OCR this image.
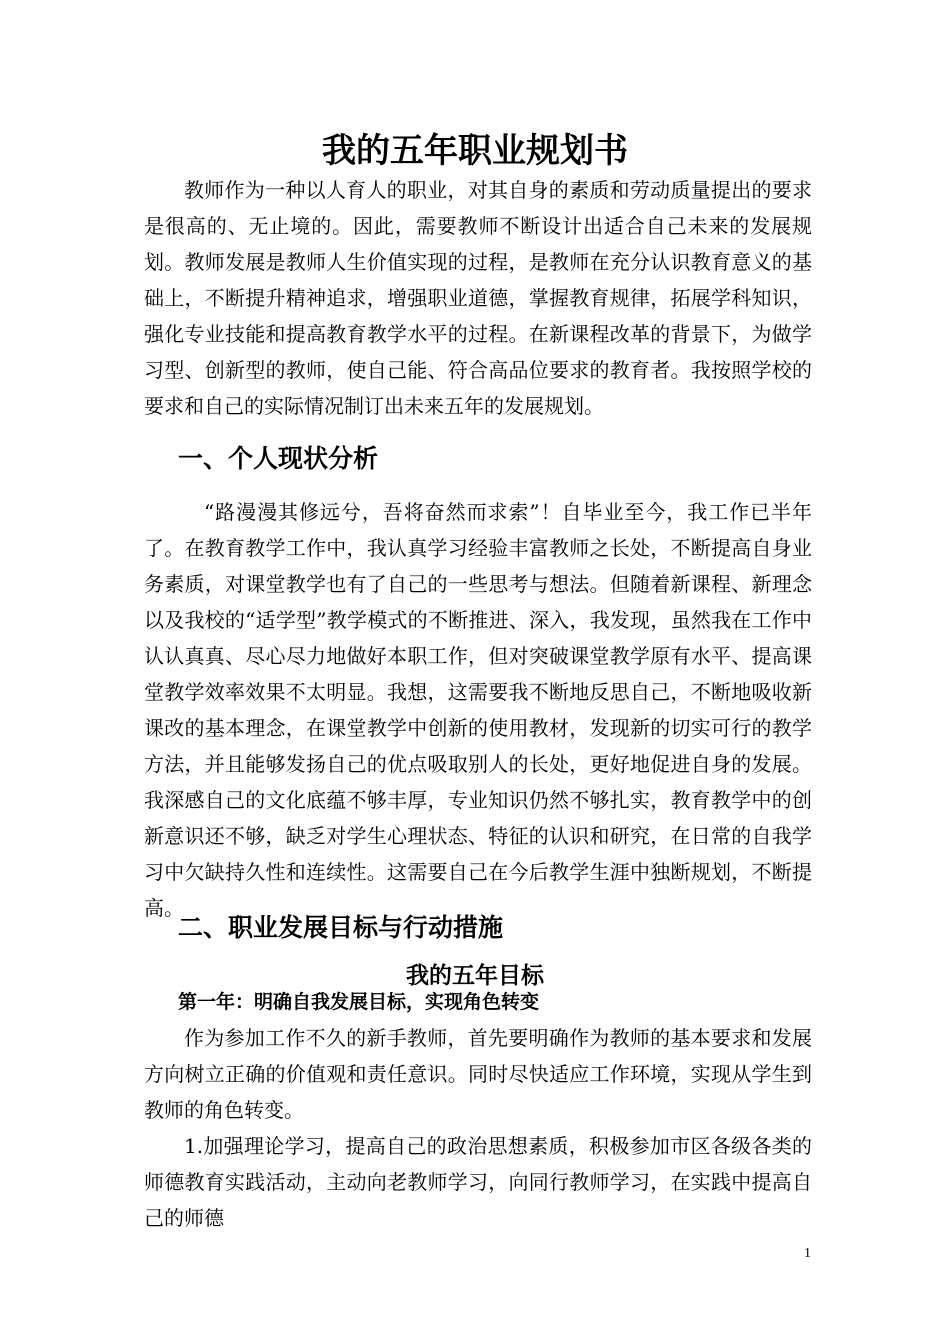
我的五年职业规划书

教师作为一种以人育人的职业，对其自身的素质和劳动质量提出的要求是很高的、无止境的。因此，需要教师不断设计出适合自己未来的发展规划。教师发展是教师人生价值实现的过程，是教师在充分认识教育意义的基础上，不断提升精神追求，增强职业道德，掌握教育规律，拓展学科知识，强化专业技能和提高教育教学水平的过程。在新课程改革的背景下，为做学习型、创新型的教师，使自己能、符合高品位要求的教育者。我按照学校的要求和自己的实际情况制订出未来五年的发展规划。

一、个人现状分析

“路漫漫其修远兮，吾将奋然而求索”！自毕业至今，我工作已半年了。在教育教学工作中，我认真学习经验丰富教师之长处，不断提高自身业务素质，对课堂教学也有了自己的一些思考与想法。但随着新课程、新理念以及我校的“适学型”教学模式的不断推进、深入，我发现，虽然我在工作中认认真真、尽心尽力地做好本职工作，但对突破课堂教学原有水平、提高课堂教学效率效果不太明显。我想，这需要我不断地反思自己，不断地吸收新课改的基本理念，在课堂教学中创新的使用教材，发现新的切实可行的教学方法，并且能够发扬自己的优点吸取别人的长处，更好地促进自身的发展。我深感自己的文化底蕴不够丰厚，专业知识仍然不够扎实，教育教学中的创新意识还不够，缺乏对学生心理状态、特征的认识和研究，在日常的自我学习中欠缺持久性和连续性。这需要自己在今后教学生涯中独断规划，不断提高。

二、职业发展目标与行动措施
我的五年目标
第一年：明确自我发展目标，实现角色转变

作为参加工作不久的新手教师，首先要明确作为教师的基本要求和发展方向树立正确的价值观和责任意识。同时尽快适应工作环境，实现从学生到教师的角色转变。

1.加强理论学习，提高自己的政治思想素质，积极参加市区各级各类的师德教育实践活动，主动向老教师学习，向同行教师学习，在实践中提高自己的师德

1
